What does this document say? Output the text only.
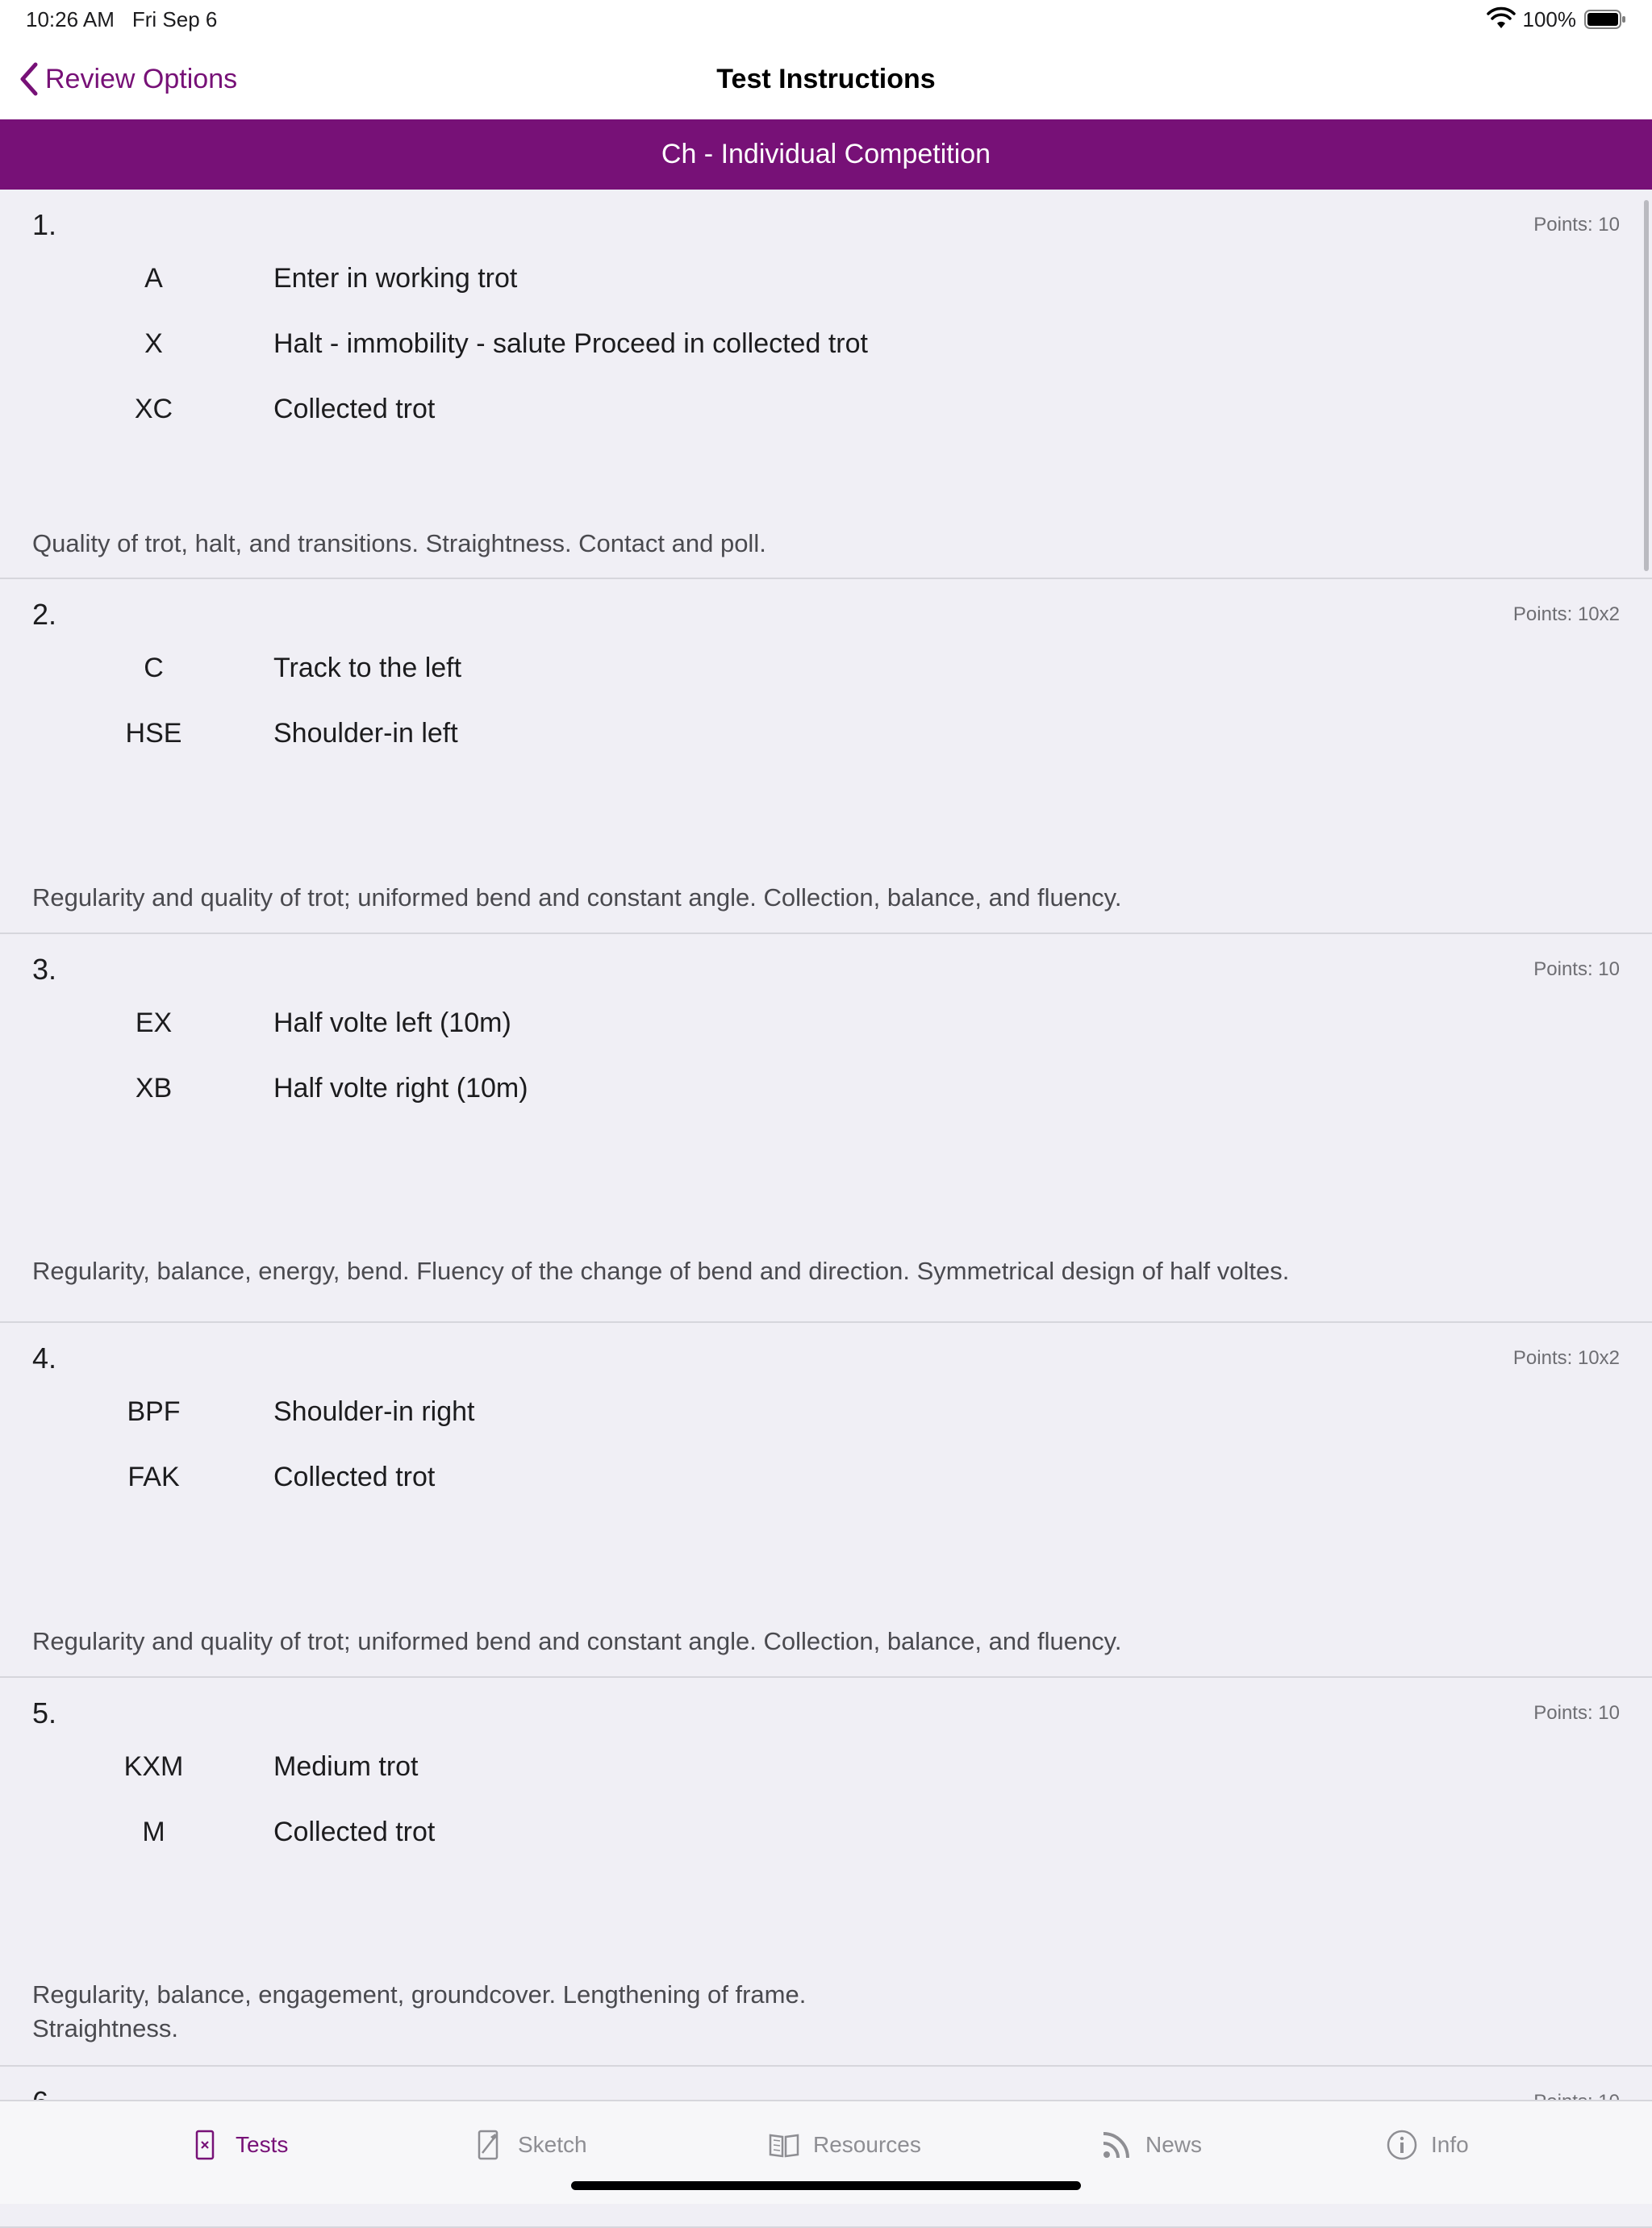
10:26 AM Fri Sep 6	100%
Review Options	Test Instructions
Ch - Individual Competition
1.	Points: 10
A	Enter in working trot
X	Halt - immobility - salute Proceed in collected trot
XC	Collected trot
Quality of trot, halt, and transitions. Straightness. Contact and poll.
2.	Points: 10x2
C	Track to the left
HSE	Shoulder-in left
Regularity and quality of trot; uniformed bend and constant angle. Collection, balance, and fluency.
3.	Points: 10
EX	Half volte left (10m)
XB	Half volte right (10m)
Regularity, balance, energy, bend. Fluency of the change of bend and direction. Symmetrical design of half voltes.
4.	Points: 10x2
BPF	Shoulder-in right
FAK	Collected trot
Regularity and quality of trot; uniformed bend and constant angle. Collection, balance, and fluency.
5.	Points: 10
KXM	Medium trot
M	Collected trot
Regularity, balance, engagement, groundcover. Lengthening of frame.
Straightness.
Tests	Sketch	Resources	News	Info
